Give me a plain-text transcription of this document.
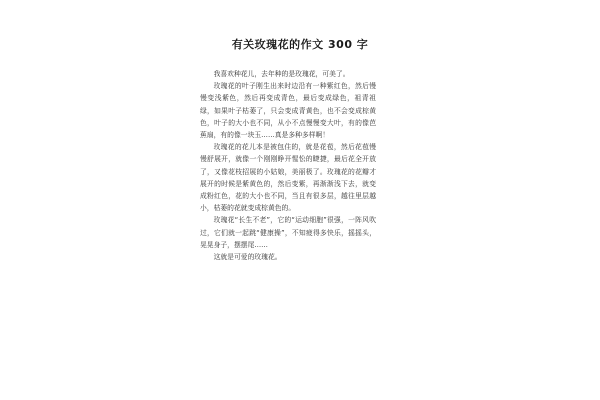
有关玫瑰花的作文 300 字

我喜欢种花儿，去年种的是玫瑰花，可美了。

玫瑰花的叶子刚生出来时边沿有一种紫红色，然后慢慢变浅紫色，然后再变成青色，最后变成绿色，祖青祖绿，如果叶子枯萎了，只会变成青黄色，也不会变成棕黄色，叶子的大小也不同，从小不点慢慢变大叶，有的像芭蕉扇，有的像一块玉……真是多种多样啊！

玫瑰花的花儿本是被包住的，就是花苞，然后花苞慢慢舒展开，就像一个刚刚睁开惺忪的睫捷，最后花全开放了，又像花枝招展的小姑娘，美丽极了。玫瑰花的花瓣才展开的时候是紫黄色的，然后变紫，再渐渐浅下去，就变成粉红色，花的大小也不同，当且有很多层，越往里层越小，枯萎的花就变成棕黄色的。

玫瑰花“长生不老”，它的“运动细胞”很强，一阵风吹过，它们就一起跳“健康操”，不知疲得多快乐，摇摇头，晃晃身子，摆摆尾……

这就是可爱的玫瑰花。
